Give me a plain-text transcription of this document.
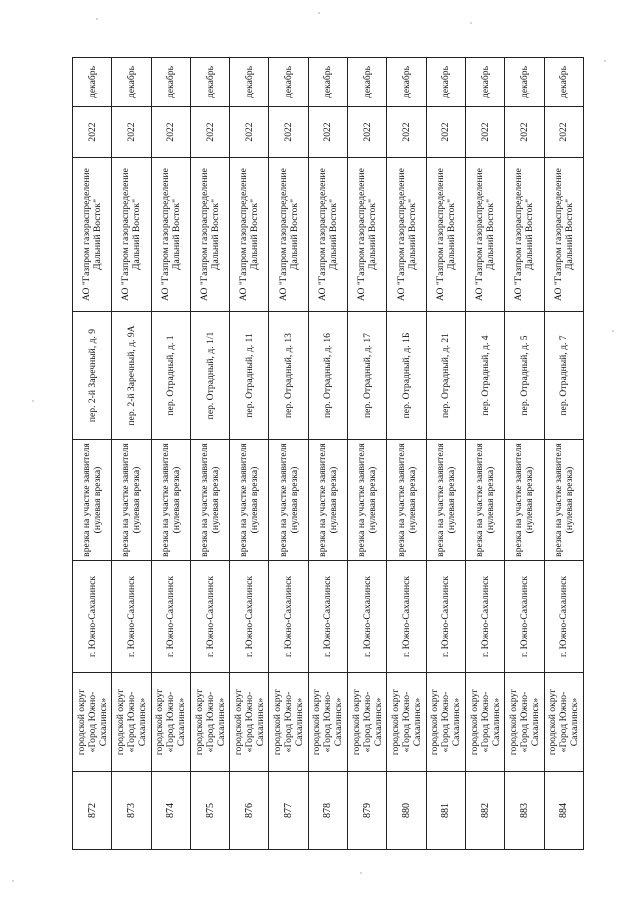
872	городской округ «Город Южно-Сахалинск»	г. Южно-Сахалинск	врезка на участке заявителя (нулевая врезка)	пер. 2-й Заречный, д. 9	АО "Газпром газораспределение Дальний Восток"	2022	декабрь
873	городской округ «Город Южно-Сахалинск»	г. Южно-Сахалинск	врезка на участке заявителя (нулевая врезка)	пер. 2-й Заречный, д. 9А	АО "Газпром газораспределение Дальний Восток"	2022	декабрь
874	городской округ «Город Южно-Сахалинск»	г. Южно-Сахалинск	врезка на участке заявителя (нулевая врезка)	пер. Отрадный, д. 1	АО "Газпром газораспределение Дальний Восток"	2022	декабрь
875	городской округ «Город Южно-Сахалинск»	г. Южно-Сахалинск	врезка на участке заявителя (нулевая врезка)	пер. Отрадный, д. 1/1	АО "Газпром газораспределение Дальний Восток"	2022	декабрь
876	городской округ «Город Южно-Сахалинск»	г. Южно-Сахалинск	врезка на участке заявителя (нулевая врезка)	пер. Отрадный, д. 11	АО "Газпром газораспределение Дальний Восток"	2022	декабрь
877	городской округ «Город Южно-Сахалинск»	г. Южно-Сахалинск	врезка на участке заявителя (нулевая врезка)	пер. Отрадный, д. 13	АО "Газпром газораспределение Дальний Восток"	2022	декабрь
878	городской округ «Город Южно-Сахалинск»	г. Южно-Сахалинск	врезка на участке заявителя (нулевая врезка)	пер. Отрадный, д. 16	АО "Газпром газораспределение Дальний Восток"	2022	декабрь
879	городской округ «Город Южно-Сахалинск»	г. Южно-Сахалинск	врезка на участке заявителя (нулевая врезка)	пер. Отрадный, д. 17	АО "Газпром газораспределение Дальний Восток"	2022	декабрь
880	городской округ «Город Южно-Сахалинск»	г. Южно-Сахалинск	врезка на участке заявителя (нулевая врезка)	пер. Отрадный, д. 1Б	АО "Газпром газораспределение Дальний Восток"	2022	декабрь
881	городской округ «Город Южно-Сахалинск»	г. Южно-Сахалинск	врезка на участке заявителя (нулевая врезка)	пер. Отрадный, д. 21	АО "Газпром газораспределение Дальний Восток"	2022	декабрь
882	городской округ «Город Южно-Сахалинск»	г. Южно-Сахалинск	врезка на участке заявителя (нулевая врезка)	пер. Отрадный, д. 4	АО "Газпром газораспределение Дальний Восток"	2022	декабрь
883	городской округ «Город Южно-Сахалинск»	г. Южно-Сахалинск	врезка на участке заявителя (нулевая врезка)	пер. Отрадный, д. 5	АО "Газпром газораспределение Дальний Восток"	2022	декабрь
884	городской округ «Город Южно-Сахалинск»	г. Южно-Сахалинск	врезка на участке заявителя (нулевая врезка)	пер. Отрадный, д. 7	АО "Газпром газораспределение Дальний Восток"	2022	декабрь
